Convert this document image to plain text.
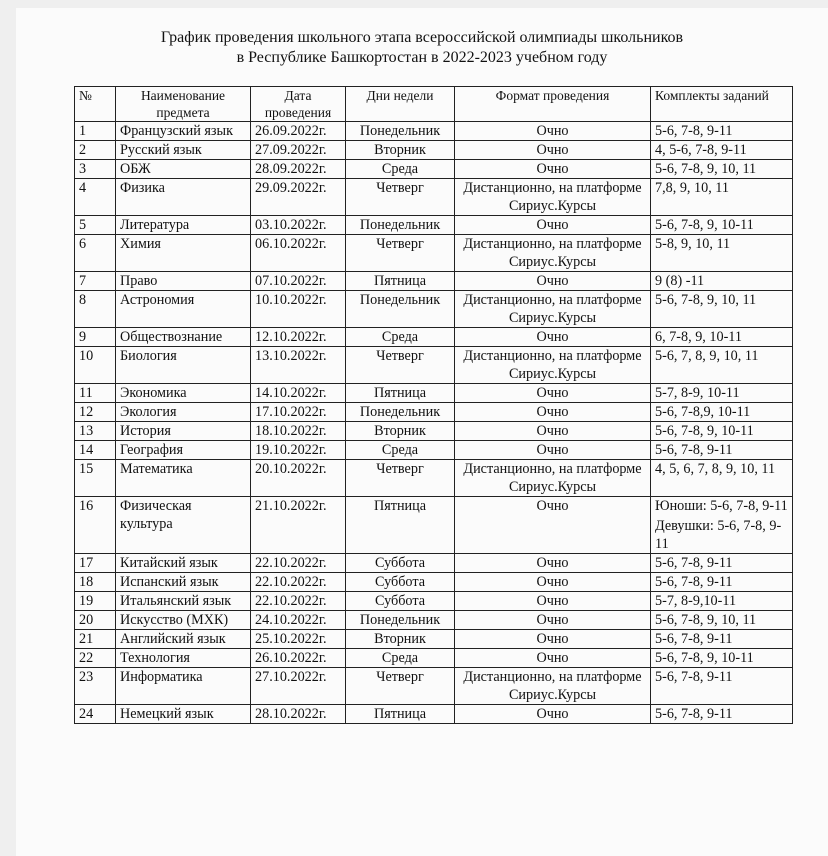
График проведения школьного этапа всероссийской олимпиады школьников
в Республике Башкортостан в 2022-2023 учебном году
№	Наименование предмета	Дата проведения	Дни недели	Формат проведения	Комплекты заданий

1	Французский язык	26.09.2022г.	Понедельник	Очно	5-6, 7-8, 9-11

2	Русский язык	27.09.2022г.	Вторник	Очно	4, 5-6, 7-8, 9-11

3	ОБЖ	28.09.2022г.	Среда	Очно	5-6, 7-8, 9, 10, 11

4	Физика	29.09.2022г.	Четверг	Дистанционно, на платформе Сириус.Курсы	7,8, 9, 10, 11

5	Литература	03.10.2022г.	Понедельник	Очно	5-6, 7-8, 9, 10-11

6	Химия	06.10.2022г.	Четверг	Дистанционно, на платформе Сириус.Курсы	5-8, 9, 10, 11

7	Право	07.10.2022г.	Пятница	Очно	9 (8) -11

8	Астрономия	10.10.2022г.	Понедельник	Дистанционно, на платформе Сириус.Курсы	5-6, 7-8, 9, 10, 11

9	Обществознание	12.10.2022г.	Среда	Очно	6, 7-8, 9, 10-11

10	Биология	13.10.2022г.	Четверг	Дистанционно, на платформе Сириус.Курсы	5-6, 7, 8, 9, 10, 11

11	Экономика	14.10.2022г.	Пятница	Очно	5-7, 8-9, 10-11

12	Экология	17.10.2022г.	Понедельник	Очно	5-6, 7-8,9, 10-11

13	История	18.10.2022г.	Вторник	Очно	5-6, 7-8, 9, 10-11

14	География	19.10.2022г.	Среда	Очно	5-6, 7-8, 9-11

15	Математика	20.10.2022г.	Четверг	Дистанционно, на платформе Сириус.Курсы	4, 5, 6, 7, 8, 9, 10, 11

16	Физическая культура	21.10.2022г.	Пятница	Очно	Юноши: 5-6, 7-8, 9-11
Девушки: 5-6, 7-8, 9-11

17	Китайский язык	22.10.2022г.	Суббота	Очно	5-6, 7-8, 9-11

18	Испанский язык	22.10.2022г.	Суббота	Очно	5-6, 7-8, 9-11

19	Итальянский язык	22.10.2022г.	Суббота	Очно	5-7, 8-9,10-11

20	Искусство (МХК)	24.10.2022г.	Понедельник	Очно	5-6, 7-8, 9, 10, 11

21	Английский язык	25.10.2022г.	Вторник	Очно	5-6, 7-8, 9-11

22	Технология	26.10.2022г.	Среда	Очно	5-6, 7-8, 9, 10-11

23	Информатика	27.10.2022г.	Четверг	Дистанционно, на платформе Сириус.Курсы	5-6, 7-8, 9-11

24	Немецкий язык	28.10.2022г.	Пятница	Очно	5-6, 7-8, 9-11
